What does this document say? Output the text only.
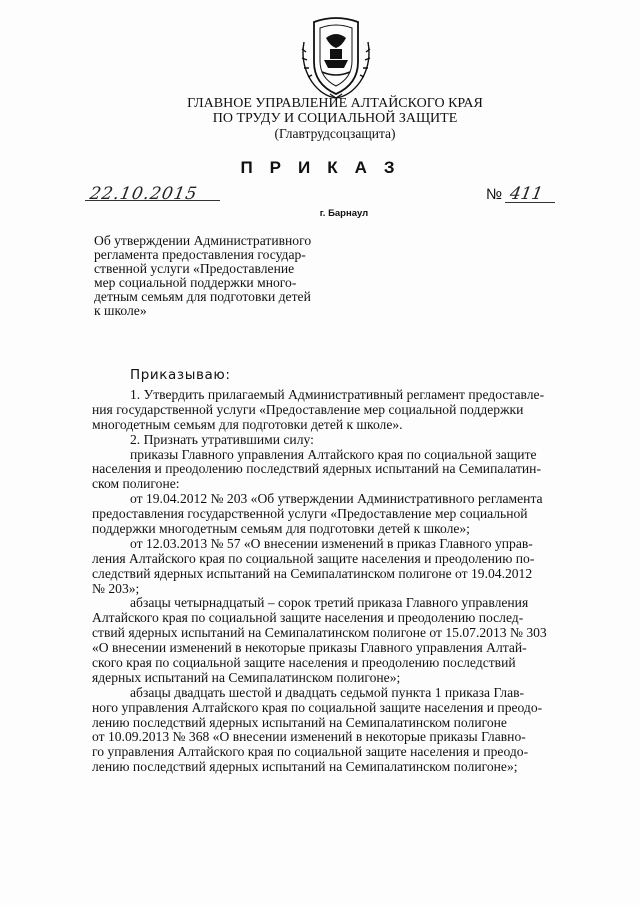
ГЛАВНОЕ УПРАВЛЕНИЕ АЛТАЙСКОГО КРАЯ
ПО ТРУДУ И СОЦИАЛЬНОЙ ЗАЩИТЕ
(Главтрудсоцзащита)
ПРИКАЗ
22.10.2015	№ 411
г. Барнаул
Об утверждении Административного
регламента предоставления государ-
ственной услуги «Предоставление
мер социальной поддержки много-
детным семьям для подготовки детей
к школе»
Приказываю:
1. Утвердить прилагаемый Административный регламент предоставле-
ния государственной услуги «Предоставление мер социальной поддержки
многодетным семьям для подготовки детей к школе».
2. Признать утратившими силу:
приказы Главного управления Алтайского края по социальной защите
населения и преодолению последствий ядерных испытаний на Семипалатин-
ском полигоне:
от 19.04.2012 № 203 «Об утверждении Административного регламента
предоставления государственной услуги «Предоставление мер социальной
поддержки многодетным семьям для подготовки детей к школе»;
от 12.03.2013 № 57 «О внесении изменений в приказ Главного управ-
ления Алтайского края по социальной защите населения и преодолению по-
следствий ядерных испытаний на Семипалатинском полигоне от 19.04.2012
№ 203»;
абзацы четырнадцатый – сорок третий приказа Главного управления
Алтайского края по социальной защите населения и преодолению послед-
ствий ядерных испытаний на Семипалатинском полигоне от 15.07.2013 № 303
«О внесении изменений в некоторые приказы Главного управления Алтай-
ского края по социальной защите населения и преодолению последствий
ядерных испытаний на Семипалатинском полигоне»;
абзацы двадцать шестой и двадцать седьмой пункта 1 приказа Глав-
ного управления Алтайского края по социальной защите населения и преодо-
лению последствий ядерных испытаний на Семипалатинском полигоне
от 10.09.2013 № 368 «О внесении изменений в некоторые приказы Главно-
го управления Алтайского края по социальной защите населения и преодо-
лению последствий ядерных испытаний на Семипалатинском полигоне»;
